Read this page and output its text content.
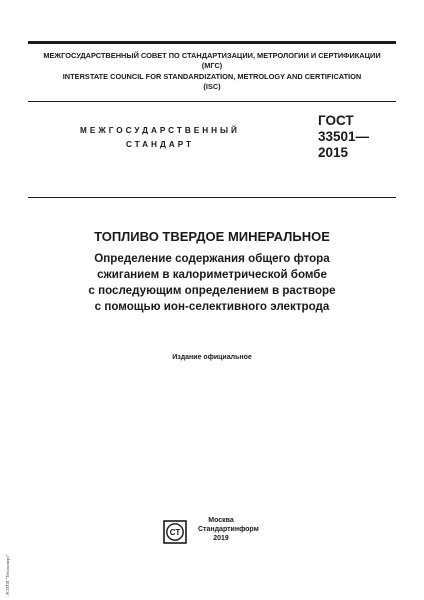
МЕЖГОСУДАРСТВЕННЫЙ СОВЕТ ПО СТАНДАРТИЗАЦИИ, МЕТРОЛОГИИ И СЕРТИФИКАЦИИ
(МГС)
INTERSTATE COUNCIL FOR STANDARDIZATION, METROLOGY AND CERTIFICATION
(ISC)
МЕЖГОСУДАРСТВЕННЫЙ
СТАНДАРТ
ГОСТ
33501—
2015
ТОПЛИВО ТВЕРДОЕ МИНЕРАЛЬНОЕ
Определение содержания общего фтора
сжиганием в калориметрической бомбе
с последующим определением в растворе
с помощью ион-селективного электрода
Издание официальное
СТ
Москва
Стандартинформ
2019
ЭСПТП "Техэксперт"
